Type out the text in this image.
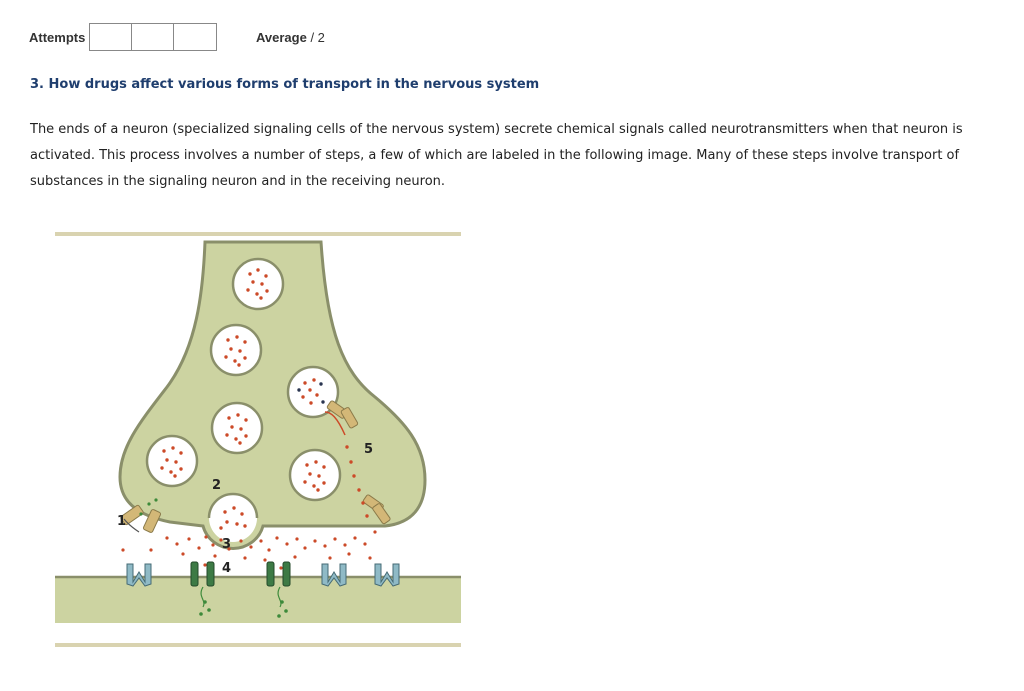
Attempts	Average / 2
3. How drugs affect various forms of transport in the nervous system

The ends of a neuron (specialized signaling cells of the nervous system) secrete chemical signals called neurotransmitters when that neuron is activated. This process involves a number of steps, a few of which are labeled in the following image. Many of these steps involve transport of substances in the signaling neuron and in the receiving neuron.

1
2
3
4
5
